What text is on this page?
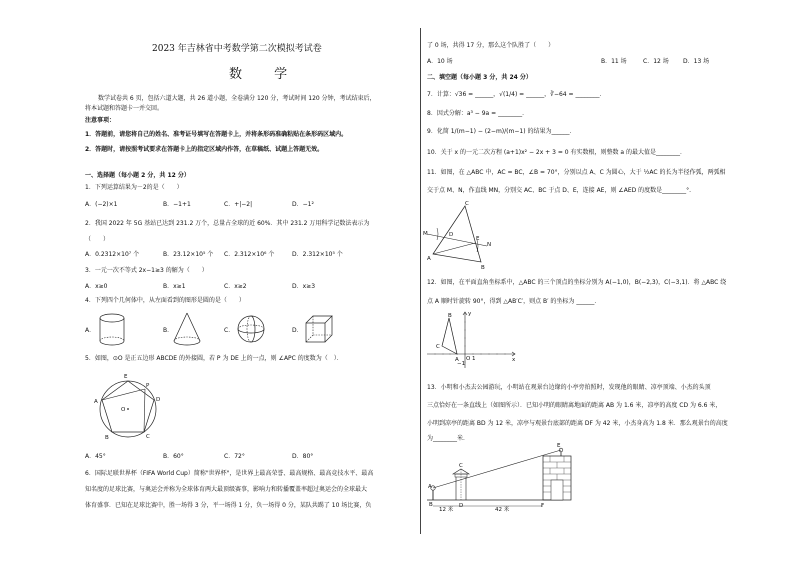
2023 年吉林省中考数学第二次模拟考试卷
数 学
数学试卷共 6 页，包括六道大题，共 26 道小题，全卷满分 120 分，考试时间 120 分钟，考试结束后，
将本试题和答题卡一并交回。
注意事项：
1．答题前，请您将自己的姓名、准考证号填写在答题卡上，并将条形码准确粘贴在条形码区域内。
2．答题时，请按照考试要求在答题卡上的指定区域内作答，在草稿纸、试题上答题无效。
一、选择题（每小题 2 分，共 12 分）
1．下列运算结果为－2的是（　　）
A．(−2)×1	B．−1+1	C．+|−2|	D．−1²
2．我国 2022 年 5G 基站已达到 231.2 万个，总量占全球的近 60%．其中 231.2 万用科学记数法表示为
（　　）
A．0.2312×10⁷ 个	B．23.12×10⁵ 个 C．2.312×10⁶ 个	D．2.312×10⁵ 个
3．一元一次不等式 2x−1≥3 的解为（　　）
A．x≥0	B．x≥1	C．x≥2	D．x≥3
4．下列四个几何体中，从左面看到的图形是圆的是（　　）
A．	B．	C．	D．
5．如图，⊙O 是正五边形 ABCDE 的外接圆，若 P 为 DE 上的一点，则 ∠APC 的度数为（　）．
E
P
A
O
D
B	C
A．45°	B．60°	C．72°	D．80°
6．国际足联世界杯（FIFA World Cup）简称"世界杯"，是世界上最高荣誉、最高规格、最高竞技水平、最高
知名度的足球比赛，与奥运会并称为全球体育两大最顶级赛事，影响力和转播覆盖率超过奥运会的全球最大
体育盛事．已知在足球比赛中，胜一场得 3 分，平一场得 1 分，负一场得 0 分，某队共踢了 10 场比赛，负
了 0 场，共得 17 分，那么这个队胜了（　　）
A．10 场	B．11 场	C．12 场 D．13 场
二、填空题（每小题 3 分，共 24 分）
7．计算：√36 = ______，√(1/4) = ______，∛−64 = ________．
8．因式分解：a³ − 9a = ________．
9．化简 1/(m−1) − (2−m)/(m−1) 的结果为______．
10．关于 x 的一元二次方程 (a+1)x² − 2x + 3 = 0 有实数根，则整数 a 的最大值是________．
11．如图，在 △ABC 中，AC = BC，∠B = 70°，分别以点 A、C 为圆心，大于 ½AC 的长为半径作弧，两弧相
交于点 M、N，作直线 MN，分别交 AC、BC 于点 D、E，连接 AE，则 ∠AED 的度数是________°.
C
M	D
N
E
A
B
12．如图，在平面直角坐标系中，△ABC 的三个顶点的坐标分别为 A(−1,0)，B(−2,3)，C(−3,1)．将 △ABC 绕
点 A 顺时针旋转 90°，得到 △AB′C′，则点 B′ 的坐标为 ______．
B
C
A O
y
x
1
−1
13．小明和小杰去公园游玩，小明站在观景台边缘的小亭旁拍照时，发现他的眼睛、凉亭顶端、小杰的头顶
三点恰好在一条直线上（如图所示）．已知小明的眼睛离地面的距离 AB 为 1.6 米，凉亭的高度 CD 为 6.6 米，
小明到凉亭的距离 BD 为 12 米，凉亭与观景台底部的距离 DF 为 42 米，小杰身高为 1.8 米．那么观景台的高度
为________米．
A
B
C
D
E
F
12 米	42 米
